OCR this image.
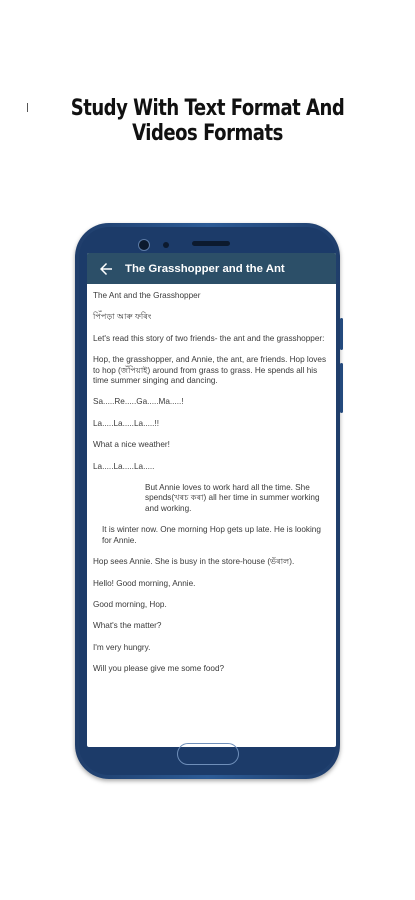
Study With Text Format And Videos Formats
The Grasshopper and the Ant

The Ant and the Grasshopper

পিঁপড়া আৰু ফৰিং

Let's read this story of two friends- the ant and the grasshopper:

Hop, the grasshopper, and Annie, the ant, are friends. Hop loves to hop (জঁপিয়াই) around from grass to grass. He spends all his time summer singing and dancing.

Sa.....Re.....Ga.....Ma.....!

La.....La.....La.....!!

What a nice weather!

La.....La.....La.....

But Annie loves to work hard all the time. She spends(খৰচ কৰা) all her time in summer working and working.

It is winter now. One morning Hop gets up late. He is looking for Annie.

Hop sees Annie. She is busy in the store-house (ভঁৰাল).

Hello! Good morning, Annie.

Good morning, Hop.

What's the matter?

I'm very hungry.

Will you please give me some food?
